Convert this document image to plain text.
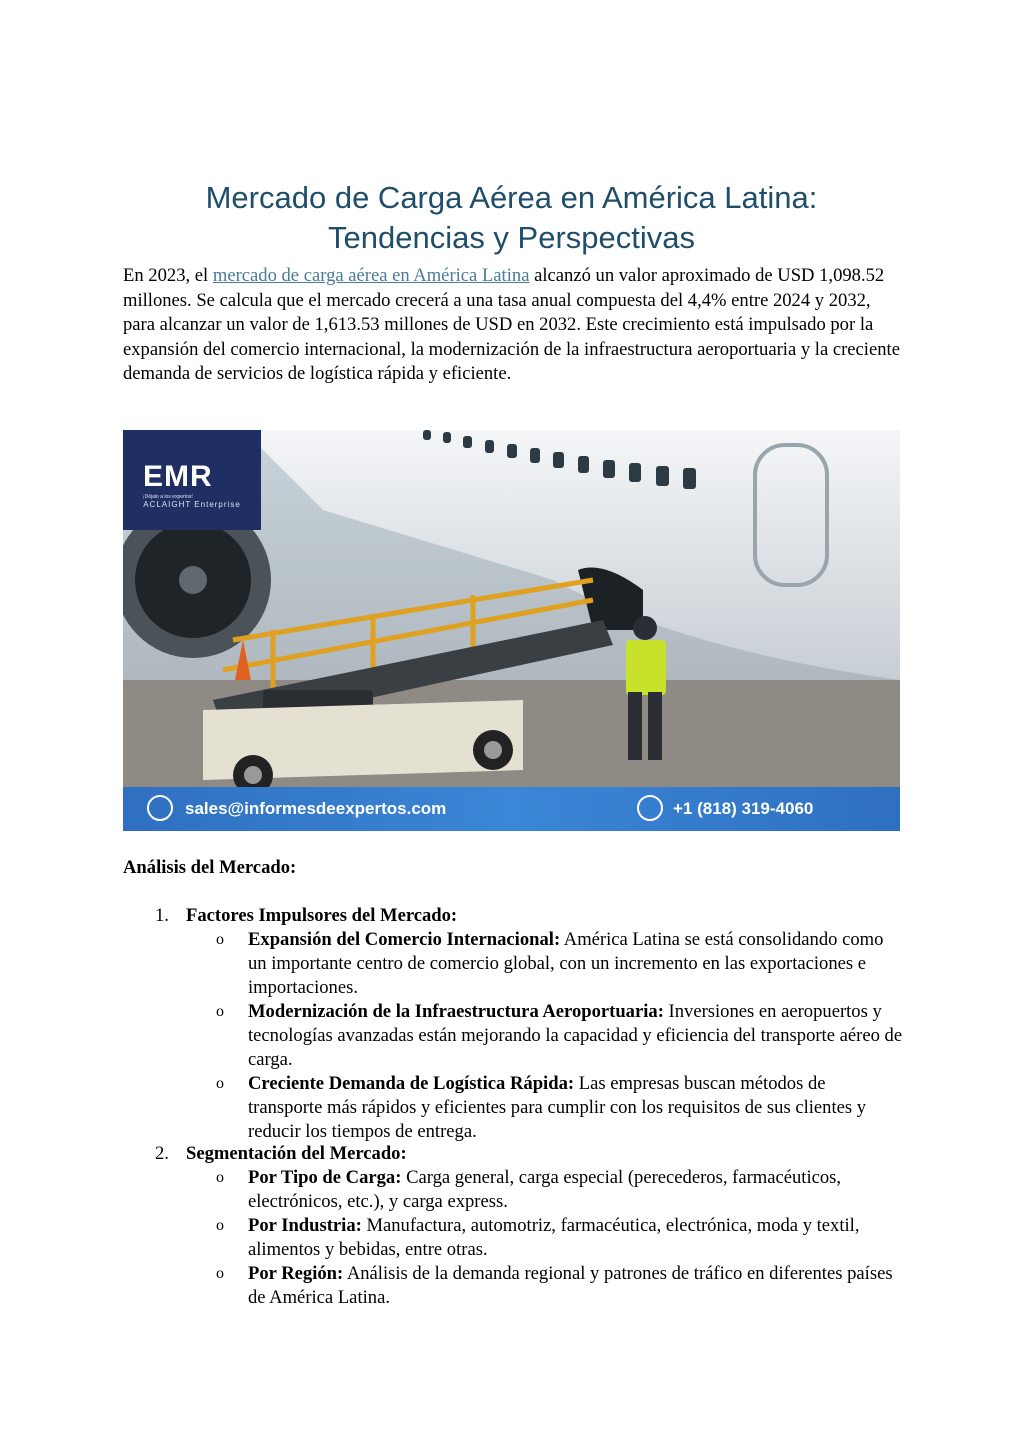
Mercado de Carga Aérea en América Latina:
Tendencias y Perspectivas

En 2023, el mercado de carga aérea en América Latina alcanzó un valor aproximado de USD 1,098.52 millones. Se calcula que el mercado crecerá a una tasa anual compuesta del 4,4% entre 2024 y 2032, para alcanzar un valor de 1,613.53 millones de USD en 2032. Este crecimiento está impulsado por la expansión del comercio internacional, la modernización de la infraestructura aeroportuaria y la creciente demanda de servicios de logística rápida y eficiente.

EMR
¡Déjalo a los expertos!
ACLAIGHT Enterprise
sales@informesdeexpertos.com	+1 (818) 319-4060
Análisis del Mercado:
1. Factores Impulsores del Mercado:
o Expansión del Comercio Internacional: América Latina se está consolidando como un importante centro de comercio global, con un incremento en las exportaciones e importaciones.
o Modernización de la Infraestructura Aeroportuaria: Inversiones en aeropuertos y tecnologías avanzadas están mejorando la capacidad y eficiencia del transporte aéreo de carga.
o Creciente Demanda de Logística Rápida: Las empresas buscan métodos de transporte más rápidos y eficientes para cumplir con los requisitos de sus clientes y reducir los tiempos de entrega.
2. Segmentación del Mercado:
o Por Tipo de Carga: Carga general, carga especial (perecederos, farmacéuticos, electrónicos, etc.), y carga express.
o Por Industria: Manufactura, automotriz, farmacéutica, electrónica, moda y textil, alimentos y bebidas, entre otras.
o Por Región: Análisis de la demanda regional y patrones de tráfico en diferentes países de América Latina.
